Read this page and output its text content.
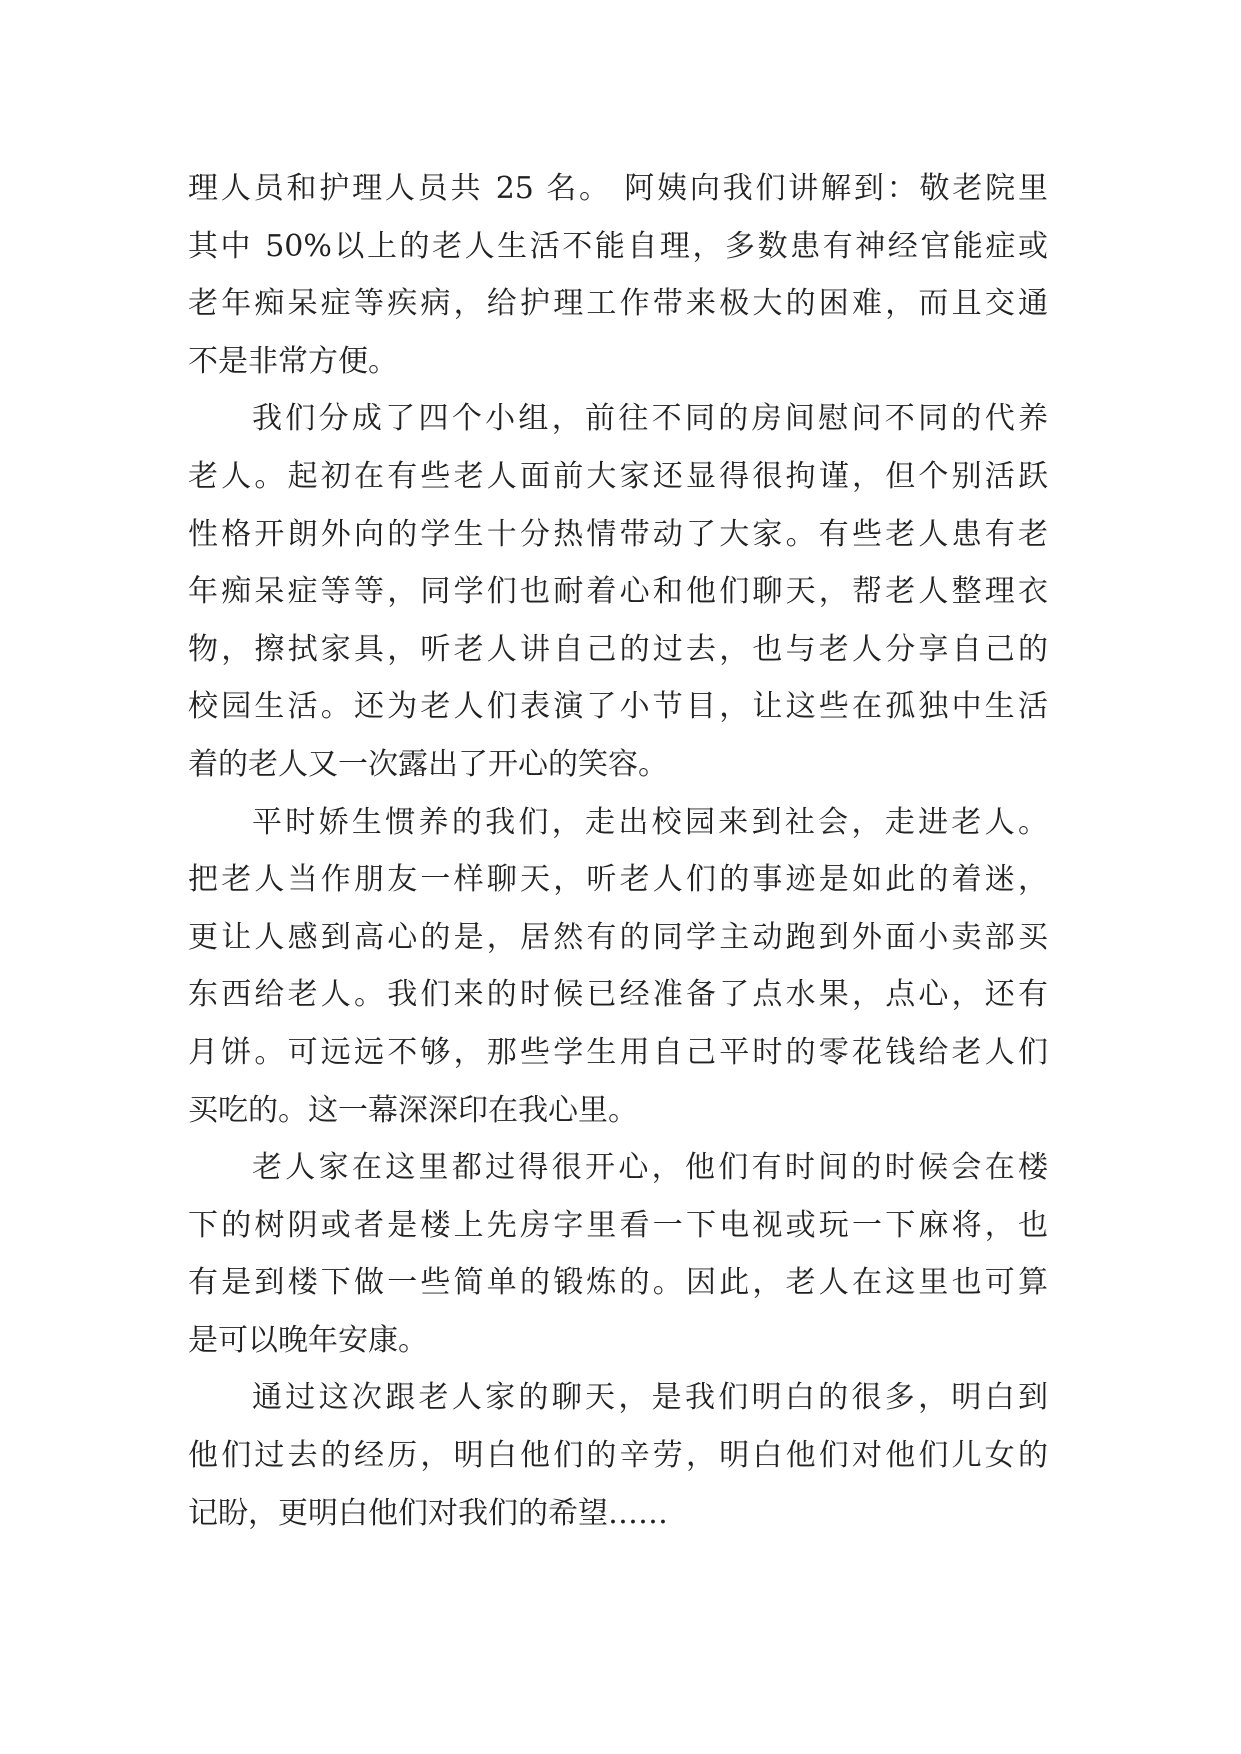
理人员和护理人员共 25 名。 阿姨向我们讲解到：敬老院里
其中 50%以上的老人生活不能自理，多数患有神经官能症或
老年痴呆症等疾病，给护理工作带来极大的困难，而且交通
不是非常方便。
我们分成了四个小组，前往不同的房间慰问不同的代养
老人。起初在有些老人面前大家还显得很拘谨，但个别活跃
性格开朗外向的学生十分热情带动了大家。有些老人患有老
年痴呆症等等，同学们也耐着心和他们聊天，帮老人整理衣
物，擦拭家具，听老人讲自己的过去，也与老人分享自己的
校园生活。还为老人们表演了小节目，让这些在孤独中生活
着的老人又一次露出了开心的笑容。
平时娇生惯养的我们，走出校园来到社会，走进老人。
把老人当作朋友一样聊天，听老人们的事迹是如此的着迷，
更让人感到高心的是，居然有的同学主动跑到外面小卖部买
东西给老人。我们来的时候已经准备了点水果，点心，还有
月饼。可远远不够，那些学生用自己平时的零花钱给老人们
买吃的。这一幕深深印在我心里。
老人家在这里都过得很开心，他们有时间的时候会在楼
下的树阴或者是楼上先房字里看一下电视或玩一下麻将，也
有是到楼下做一些简单的锻炼的。因此，老人在这里也可算
是可以晚年安康。
通过这次跟老人家的聊天，是我们明白的很多，明白到
他们过去的经历，明白他们的辛劳，明白他们对他们儿女的
记盼，更明白他们对我们的希望……
